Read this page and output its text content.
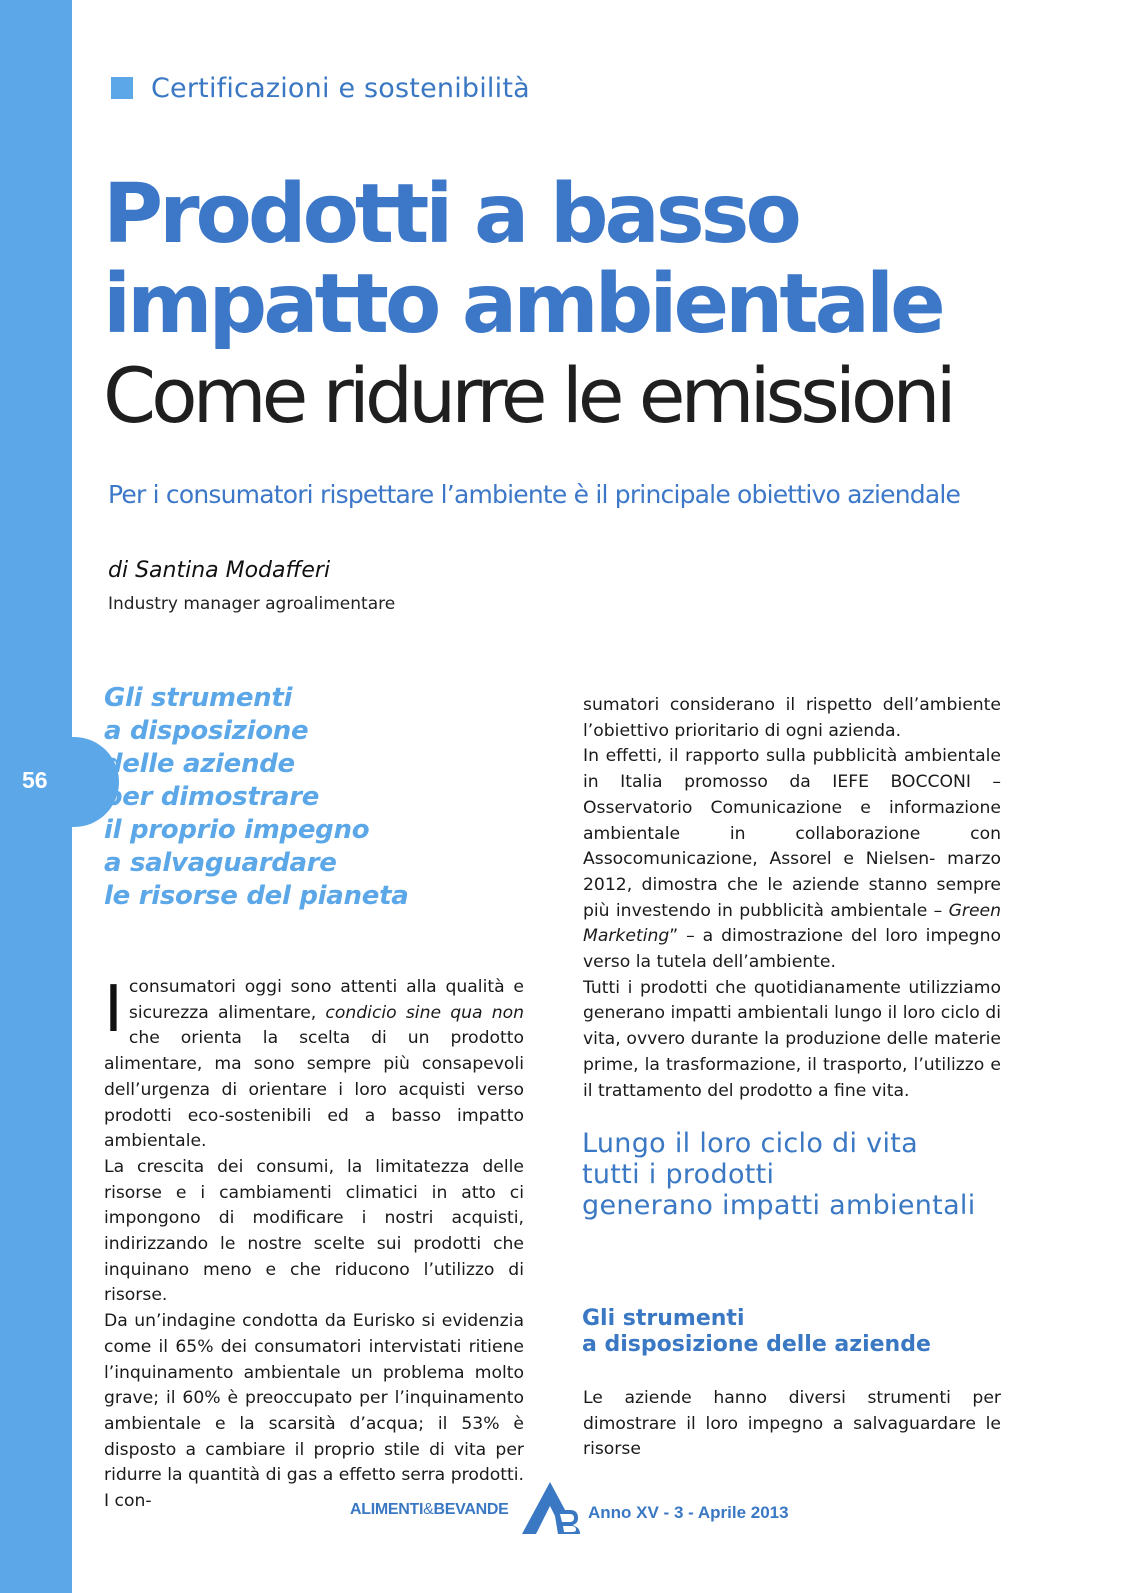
56
Certificazioni e sostenibilità
Prodotti a basso
impatto ambientale
Come ridurre le emissioni
Per i consumatori rispettare l’ambiente è il principale obiettivo aziendale
di Santina Modafferi
Industry manager agroalimentare
Gli strumenti
a disposizione
delle aziende
per dimostrare
il proprio impegno
a salvaguardare
le risorse del pianeta

Iconsumatori oggi sono attenti alla qualità e sicurezza alimentare, condicio sine qua non che orienta la scelta di un prodotto alimentare, ma sono sempre più consapevoli dell’urgenza di orientare i loro acquisti verso prodotti eco-sostenibili ed a basso impatto ambientale.

La crescita dei consumi, la limitatezza delle risorse e i cambiamenti climatici in atto ci impongono di modificare i nostri acquisti, indirizzando le nostre scelte sui prodotti che inquinano meno e che riducono l’utilizzo di risorse.

Da un’indagine condotta da Eurisko si evidenzia come il 65% dei consumatori intervistati ritiene l’inquinamento ambientale un problema molto grave; il 60% è preoccupato per l’inquinamento ambientale e la scarsità d’acqua; il 53% è disposto a cambiare il proprio stile di vita per ridurre la quantità di gas a effetto serra prodotti. I con-

sumatori considerano il rispetto dell’ambiente l’obiettivo prioritario di ogni azienda.

In effetti, il rapporto sulla pubblicità ambientale in Italia promosso da IEFE BOCCONI – Osservatorio Comunicazione e informazione ambientale in collaborazione con Assocomunicazione, Assorel e Nielsen- marzo 2012, dimostra che le aziende stanno sempre più investendo in pubblicità ambientale – Green Marketing” – a dimostrazione del loro impegno verso la tutela dell’ambiente.

Tutti i prodotti che quotidianamente utilizziamo generano impatti ambientali lungo il loro ciclo di vita, ovvero durante la produzione delle materie prime, la trasformazione, il trasporto, l’utilizzo e il trattamento del prodotto a fine vita.

Lungo il loro ciclo di vita
tutti i prodotti
generano impatti ambientali
Gli strumenti
a disposizione delle aziende

Le aziende hanno diversi strumenti per dimostrare il loro impegno a salvaguardare le risorse

ALIMENTI&BEVANDE	Anno XV - 3 - Aprile 2013
